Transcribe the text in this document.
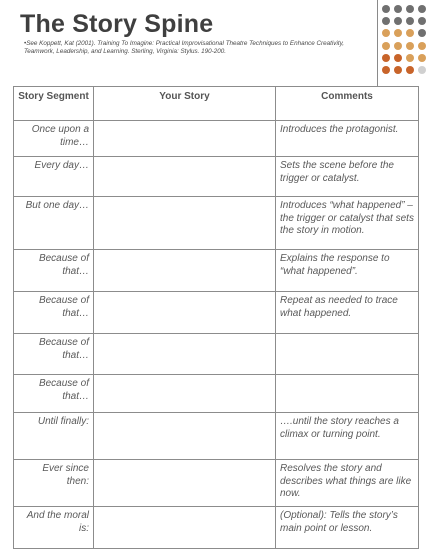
The Story Spine
•See Koppett, Kat (2001). Training To Imagine: Practical Improvisational Theatre Techniques to Enhance Creativity, Teamwork, Leadership, and Learning. Sterling, Virginia: Stylus. 190-200.
Story Segment	Your Story	Comments
Once upon a time…		Introduces the protagonist.
Every day…		Sets the scene before the trigger or catalyst.
But one day…		Introduces “what happened” – the trigger or catalyst that sets the story in motion.
Because of that…		Explains the response to “what happened”.
Because of that…		Repeat as needed to trace what happened.
Because of that…		
Because of that…		
Until finally:		….until the story reaches a climax or turning point.
Ever since then:		Resolves the story and describes what things are like now.
And the moral is:		(Optional): Tells the story’s main point or lesson.
